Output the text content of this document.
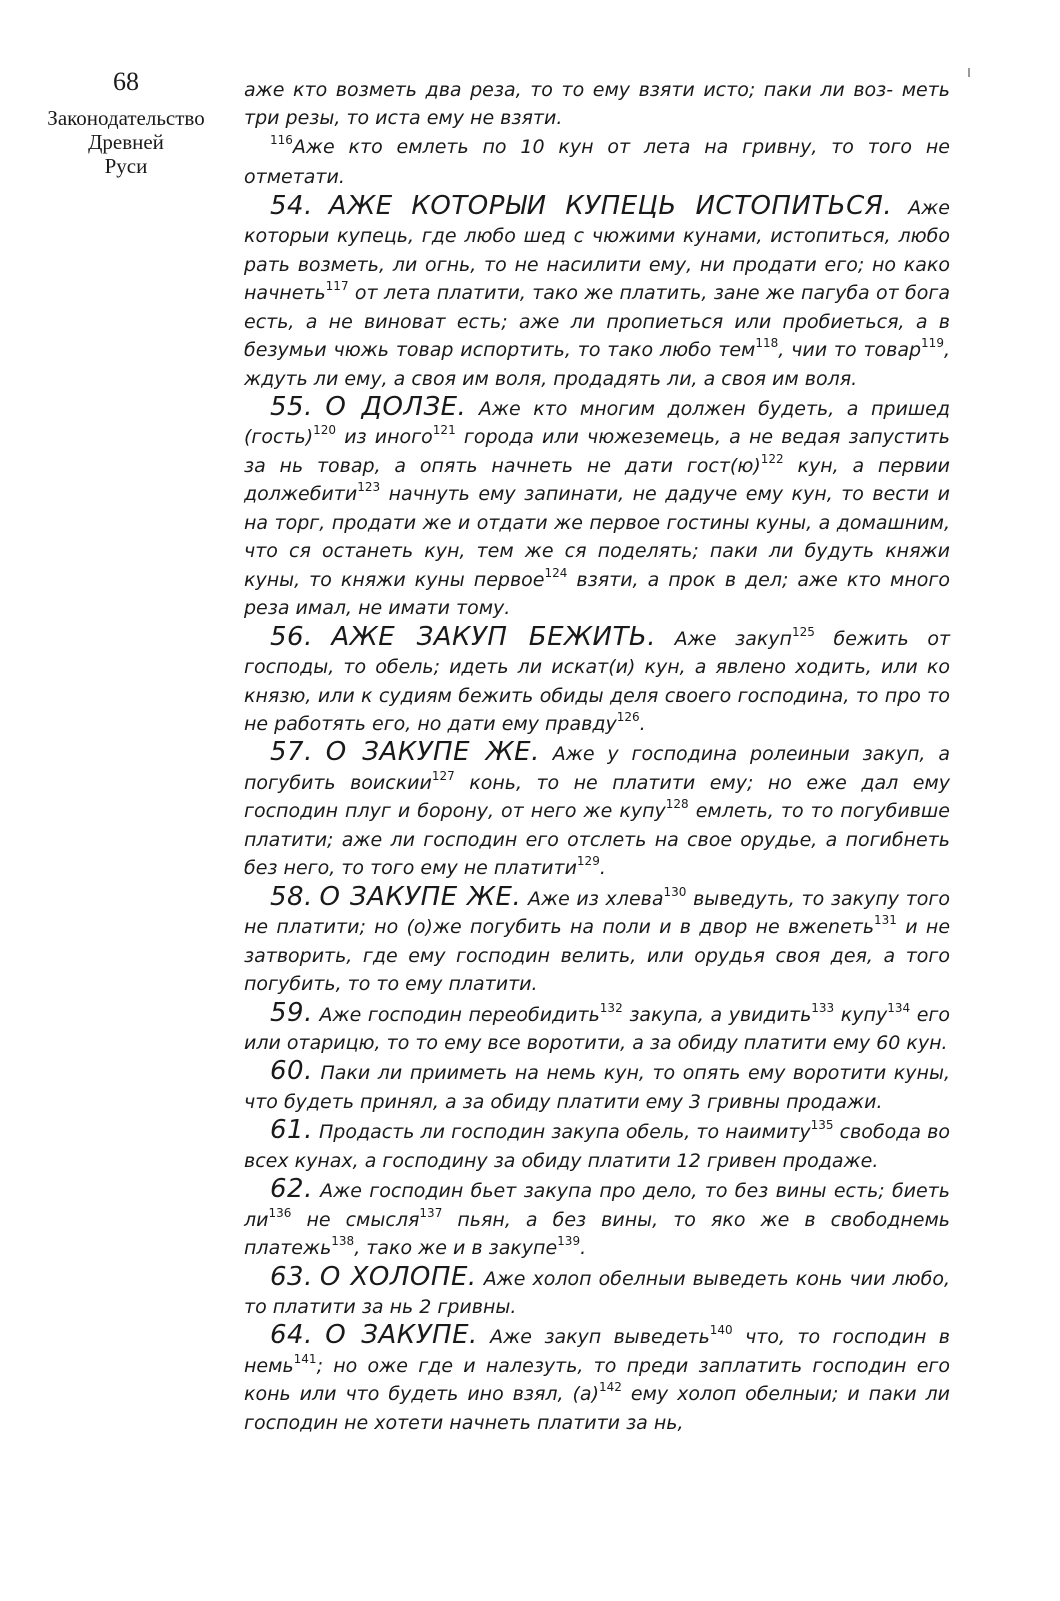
68
Законодательство
Древней
Руси

аже кто возметь два реза, то то ему взяти исто; паки ли воз- меть три резы, то иста ему не взяти.

$^{116}$Аже кто емлеть по 10 кун от лета на гривну, то того не отметати.

54. АЖЕ КОТОРЫИ КУПЕЦЬ ИСТОПИТЬСЯ. Аже которыи купець, где любо шед с чюжими кунами, истопиться, любо рать возметь, ли огнь, то не насилити ему, ни продати его; но како начнеть$^{117}$ от лета платити, тако же платить, зане же пагуба от бога есть, а не виноват есть; аже ли пропиеться или пробиеться, а в безумьи чюжь товар испортить, то тако любо тем$^{118}$, чии то товар$^{119}$, ждуть ли ему, а своя им воля, продадять ли, а своя им воля.

55. О ДОЛЗЕ. Аже кто многим должен будеть, а пришед (гость)$^{120}$ из иного$^{121}$ города или чюжеземець, а не ведая запустить за нь товар, а опять начнеть не дати $гост(ю)^{122}$ кун, а первии должебити$^{123}$ начнуть ему запинати, не дадуче ему кун, то вести и на торг, продати же и отдати же первое гостины куны, а домашним, что ся останеть кун, тем же ся поделять; паки ли будуть княжи куны, то княжи куны первое$^{124}$ взяти, а прок в дел; аже кто много реза имал, не имати тому.

56. АЖЕ ЗАКУП БЕЖИТЬ. Аже закуп$^{125}$ бежить от господы, то обель; идеть ли искат(и) кун, а явлено ходить, или ко князю, или к судиям бежить обиды деля своего господина, то про то не работять его, но дати ему правду$^{126}$.

57. О ЗАКУПЕ ЖЕ. Аже у господина ролеиныи закуп, а погубить воискии$^{127}$ конь, то не платити ему; но еже дал ему господин плуг и борону, от него же купу$^{128}$ емлеть, то то погубивше платити; аже ли господин его отслеть на свое орудье, а погибнеть без него, то того ему не платити$^{129}$.

58. О ЗАКУПЕ ЖЕ. Аже из хлева$^{130}$ выведуть, то закупу того не платити; но (о)же погубить на поли и в двор не вжеnеть$^{131}$ и не затворить, где ему господин велить, или орудья своя дея, а того погубить, то то ему платити.

59. Аже господин переобидить$^{132}$ закупа, а увидить$^{133}$ купу$^{134}$ его или отарицю, то то ему все воротити, а за обиду платити ему 60 кун.

60. Паки ли прииметь на немь кун, то опять ему воротити куны, что будеть принял, а за обиду платити ему 3 гривны продажи.

61. Продасть ли господин закупа обель, то наимиту$^{135}$ свобода во всех кунах, а господину за обиду платити 12 гривен продаже.

62. Аже господин бьет закупа про дело, то без вины есть; биеть $ли^{136}$ не смысля$^{137}$ пьян, а без вины, то яко же в свободнемь платежь$^{138}$, тако же и в закупе$^{139}$.

63. О ХОЛОПЕ. Аже холоп обелныи выведеть конь чии любо, то платити за нь 2 гривны.

64. О ЗАКУПЕ. Аже закуп выведеть$^{140}$ что, то господин в немь$^{141}$; но оже где и налезуть, то преди заплатить господин его конь или что будеть ино взял, $(а)^{142}$ ему холоп обелныи; и паки ли господин не хотети начнеть платити за нь,
